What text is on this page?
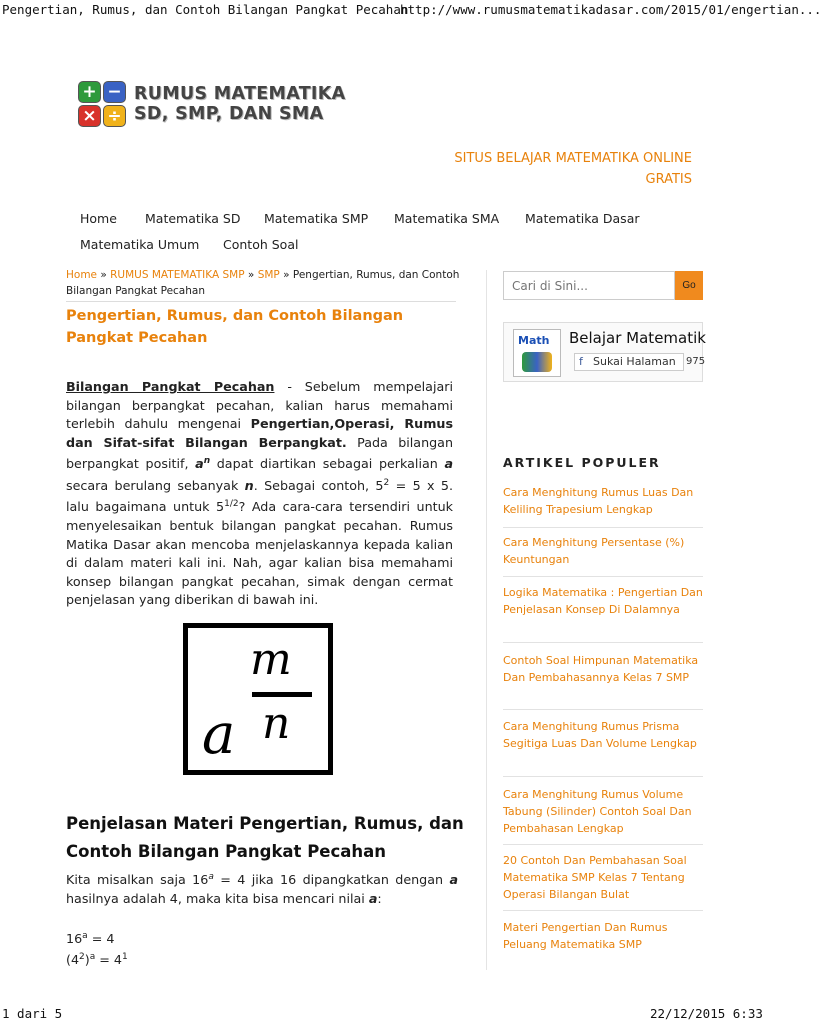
Pengertian, Rumus, dan Contoh Bilangan Pangkat Pecahan
http://www.rumusmatematikadasar.com/2015/01/engertian...
+ −
× ÷
RUMUS MATEMATIKA
SD, SMP, DAN SMA
SITUS BELAJAR MATEMATIKA ONLINE
GRATIS
Home Matematika SD Matematika SMP Matematika SMA Matematika Dasar
Matematika Umum Contoh Soal
Home » RUMUS MATEMATIKA SMP » SMP » Pengertian, Rumus, dan Contoh Bilangan Pangkat Pecahan
Pengertian, Rumus, dan Contoh Bilangan Pangkat Pecahan
Bilangan Pangkat Pecahan - Sebelum mempelajari bilangan berpangkat pecahan, kalian harus memahami terlebih dahulu mengenai Pengertian,Operasi, Rumus dan Sifat-sifat Bilangan Berpangkat. Pada bilangan berpangkat positif, $a^n$ dapat diartikan sebagai perkalian a secara berulang sebanyak n. Sebagai contoh, $5^2 = 5$ x 5. lalu bagaimana untuk $5^{1/2}$? Ada cara-cara tersendiri untuk menyelesaikan bentuk bilangan pangkat pecahan. Rumus Matika Dasar akan mencoba menjelaskannya kepada kalian di dalam materi kali ini. Nah, agar kalian bisa memahami konsep bilangan pangkat pecahan, simak dengan cermat penjelasan yang diberikan di bawah ini.
a
m
n
Penjelasan Materi Pengertian, Rumus, dan Contoh Bilangan Pangkat Pecahan
Kita misalkan saja $16^a = 4$ jika 16 dipangkatkan dengan a hasilnya adalah 4, maka kita bisa mencari nilai a:
$16^a = 4$
$(4^2)^a = 4^1$
Cari di Sini...
Go
Math Belajar Matematik
f Sukai Halaman	975
ARTIKEL POPULER
Cara Menghitung Rumus Luas Dan Keliling Trapesium Lengkap
Cara Menghitung Persentase (%) Keuntungan
Logika Matematika : Pengertian Dan Penjelasan Konsep Di Dalamnya
Contoh Soal Himpunan Matematika Dan Pembahasannya Kelas 7 SMP
Cara Menghitung Rumus Prisma Segitiga Luas Dan Volume Lengkap
Cara Menghitung Rumus Volume Tabung (Silinder) Contoh Soal Dan Pembahasan Lengkap
20 Contoh Dan Pembahasan Soal Matematika SMP Kelas 7 Tentang Operasi Bilangan Bulat
Materi Pengertian Dan Rumus Peluang Matematika SMP
1 dari 5	22/12/2015 6:33
